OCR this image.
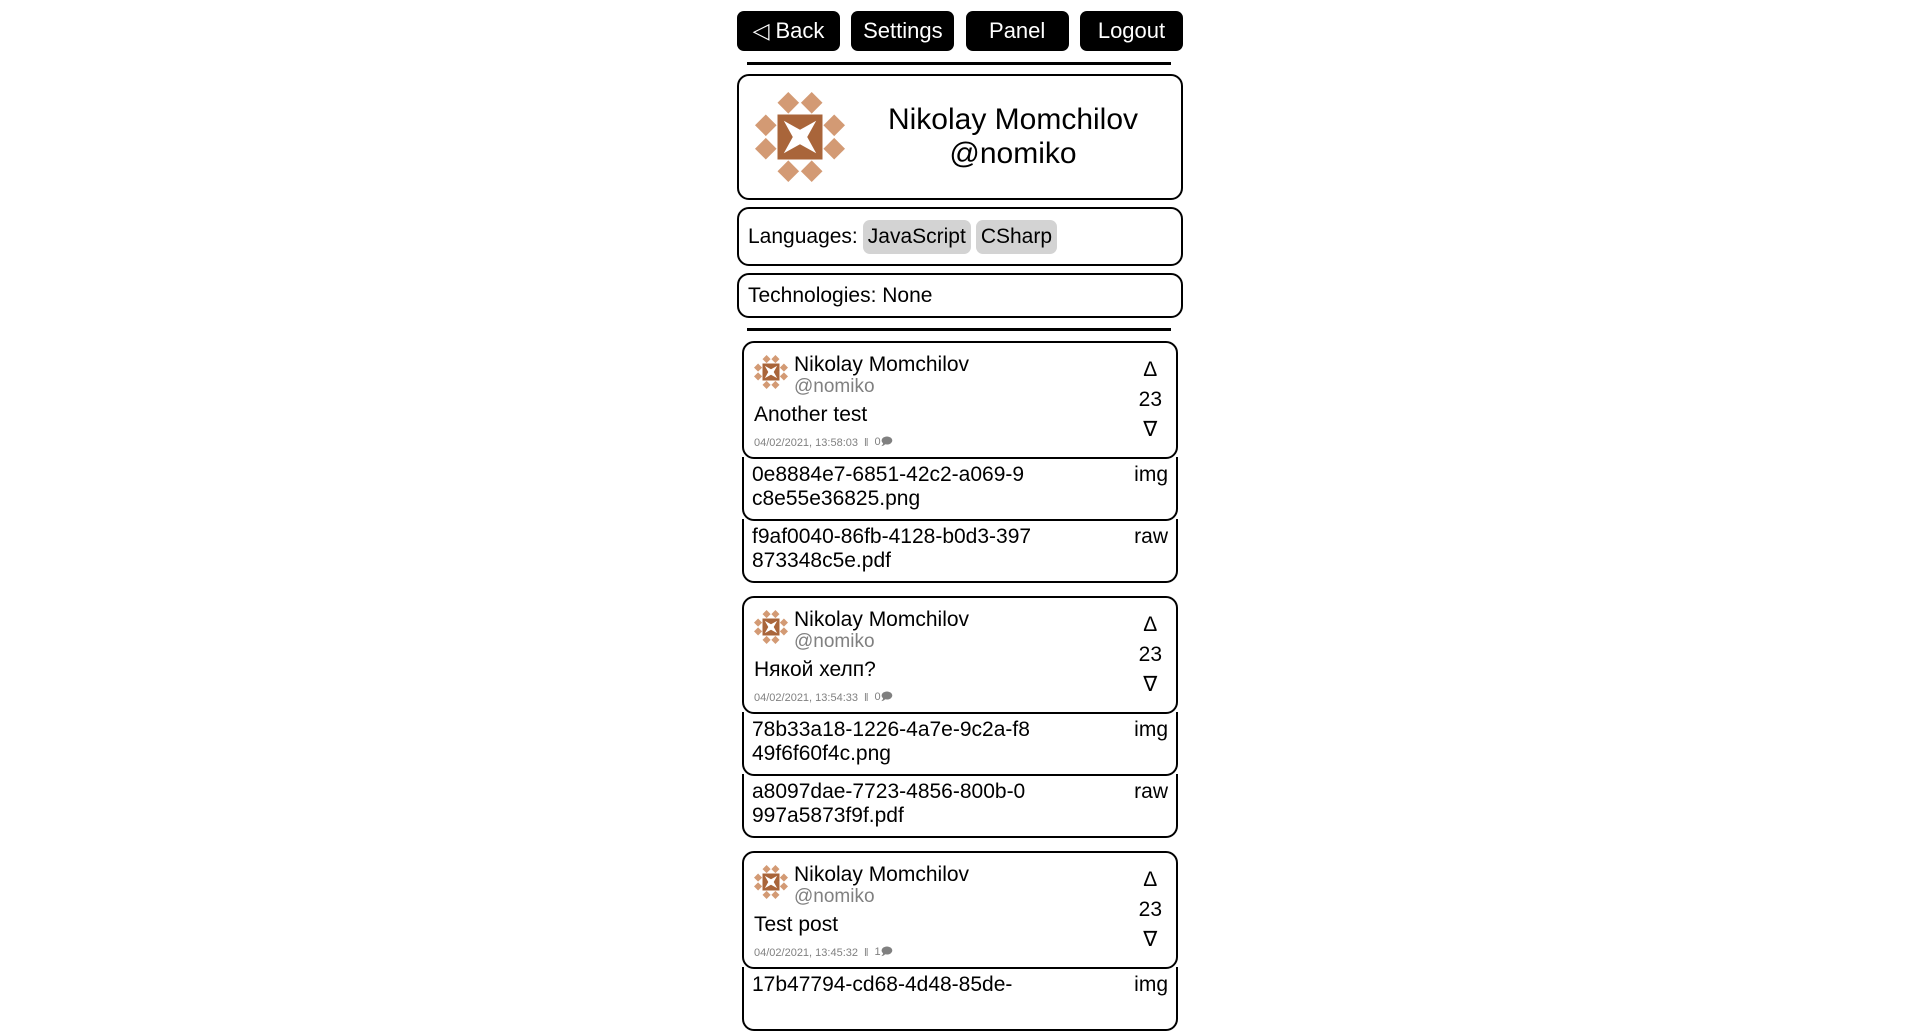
◁ Back	Settings	Panel	Logout
Nikolay Momchilov
@nomiko
Languages: JavaScript CSharp
Technologies: None
Nikolay Momchilov
@nomiko
Another test
04/02/2021, 13:58:03 ‖ 0🗩
Δ
23
∇
0e8884e7-6851-42c2-a069-9c8e55e36825.png
img
f9af0040-86fb-4128-b0d3-397873348c5e.pdf
raw
Nikolay Momchilov
@nomiko
Някой хелп?
04/02/2021, 13:54:33 ‖ 0🗩
Δ
23
∇
78b33a18-1226-4a7e-9c2a-f849f6f60f4c.png
img
a8097dae-7723-4856-800b-0997a5873f9f.pdf
raw
Nikolay Momchilov
@nomiko
Test post
04/02/2021, 13:45:32 ‖ 1🗩
Δ
23
∇
17b47794-cd68-4d48-85de-	img
